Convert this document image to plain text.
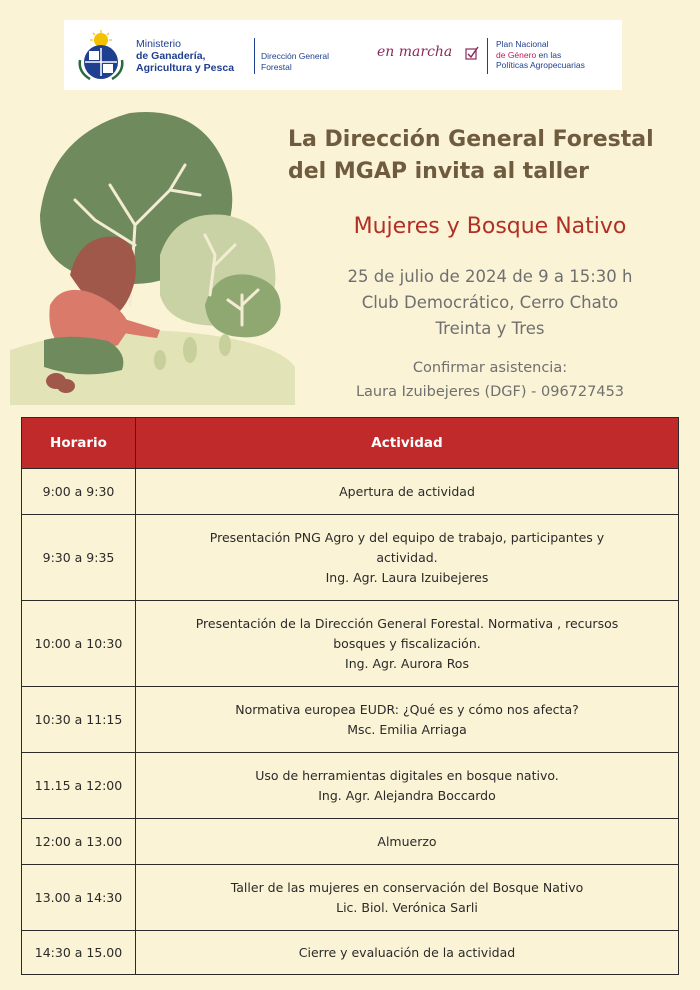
Ministerio
de Ganadería,
Agricultura y Pesca
Dirección General
Forestal
en marcha	Plan Nacional
de Género en las
Políticas Agropecuarias
La Dirección General Forestal
del MGAP invita al taller
Mujeres y Bosque Nativo
25 de julio de 2024 de 9 a 15:30 h
Club Democrático, Cerro Chato
Treinta y Tres
Confirmar asistencia:
Laura Izuibejeres (DGF) - 096727453
Horario	Actividad
9:00 a 9:30	Apertura de actividad

9:30 a 9:35	Presentación PNG Agro y del equipo de trabajo, participantes y
actividad.
Ing. Agr. Laura Izuibejeres

10:00 a 10:30	Presentación de la Dirección General Forestal. Normativa , recursos
bosques y fiscalización.
Ing. Agr. Aurora Ros

10:30 a 11:15	Normativa europea EUDR: ¿Qué es y cómo nos afecta?
Msc. Emilia Arriaga

11.15 a 12:00	Uso de herramientas digitales en bosque nativo.
Ing. Agr. Alejandra Boccardo

12:00 a 13.00	Almuerzo

13.00 a 14:30	Taller de las mujeres en conservación del Bosque Nativo
Lic. Biol. Verónica Sarli

14:30 a 15.00	Cierre y evaluación de la actividad
